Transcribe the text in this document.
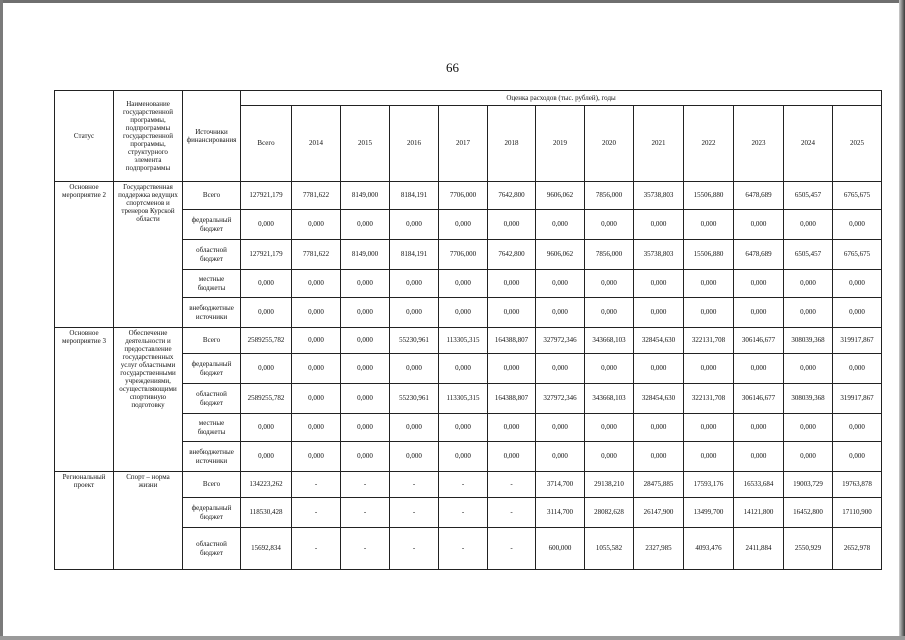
66
Статус	Наименование государственной программы, подпрограммы государственной программы, структурного элемента подпрограммы	Источники финансирования	Оценка расходов (тыс. рублей), годы												
			Всего	2014	2015	2016	2017	2018	2019	2020	2021	2022	2023	2024	2025
Основное мероприятие 2	Государственная поддержка ведущих спортсменов и тренеров Курской области	Всего	127921,179	7781,622	8149,000	8184,191	7706,000	7642,800	9606,062	7856,000	35738,803	15506,880	6478,689	6505,457	6765,675
		федеральный бюджет	0,000	0,000	0,000	0,000	0,000	0,000	0,000	0,000	0,000	0,000	0,000	0,000	0,000
		областной бюджет	127921,179	7781,622	8149,000	8184,191	7706,000	7642,800	9606,062	7856,000	35738,803	15506,880	6478,689	6505,457	6765,675
		местные бюджеты	0,000	0,000	0,000	0,000	0,000	0,000	0,000	0,000	0,000	0,000	0,000	0,000	0,000
		внебюджетные источники	0,000	0,000	0,000	0,000	0,000	0,000	0,000	0,000	0,000	0,000	0,000	0,000	0,000
Основное мероприятие 3	Обеспечение деятельности и предоставление государственных услуг областными государственными учреждениями, осуществляющими спортивную подготовку	Всего	2589255,782	0,000	0,000	55230,961	113305,315	164388,807	327972,346	343668,103	328454,630	322131,708	306146,677	308039,368	319917,867
		федеральный бюджет	0,000	0,000	0,000	0,000	0,000	0,000	0,000	0,000	0,000	0,000	0,000	0,000	0,000
		областной бюджет	2589255,782	0,000	0,000	55230,961	113305,315	164388,807	327972,346	343668,103	328454,630	322131,708	306146,677	308039,368	319917,867
		местные бюджеты	0,000	0,000	0,000	0,000	0,000	0,000	0,000	0,000	0,000	0,000	0,000	0,000	0,000
		внебюджетные источники	0,000	0,000	0,000	0,000	0,000	0,000	0,000	0,000	0,000	0,000	0,000	0,000	0,000
Региональный проект	Спорт – норма жизни	Всего	134223,262	-	-	-	-	-	3714,700	29138,210	28475,885	17593,176	16533,684	19003,729	19763,878
		федеральный бюджет	118530,428	-	-	-	-	-	3114,700	28082,628	26147,900	13499,700	14121,800	16452,800	17110,900
		областной бюджет	15692,834	-	-	-	-	-	600,000	1055,582	2327,985	4093,476	2411,884	2550,929	2652,978
